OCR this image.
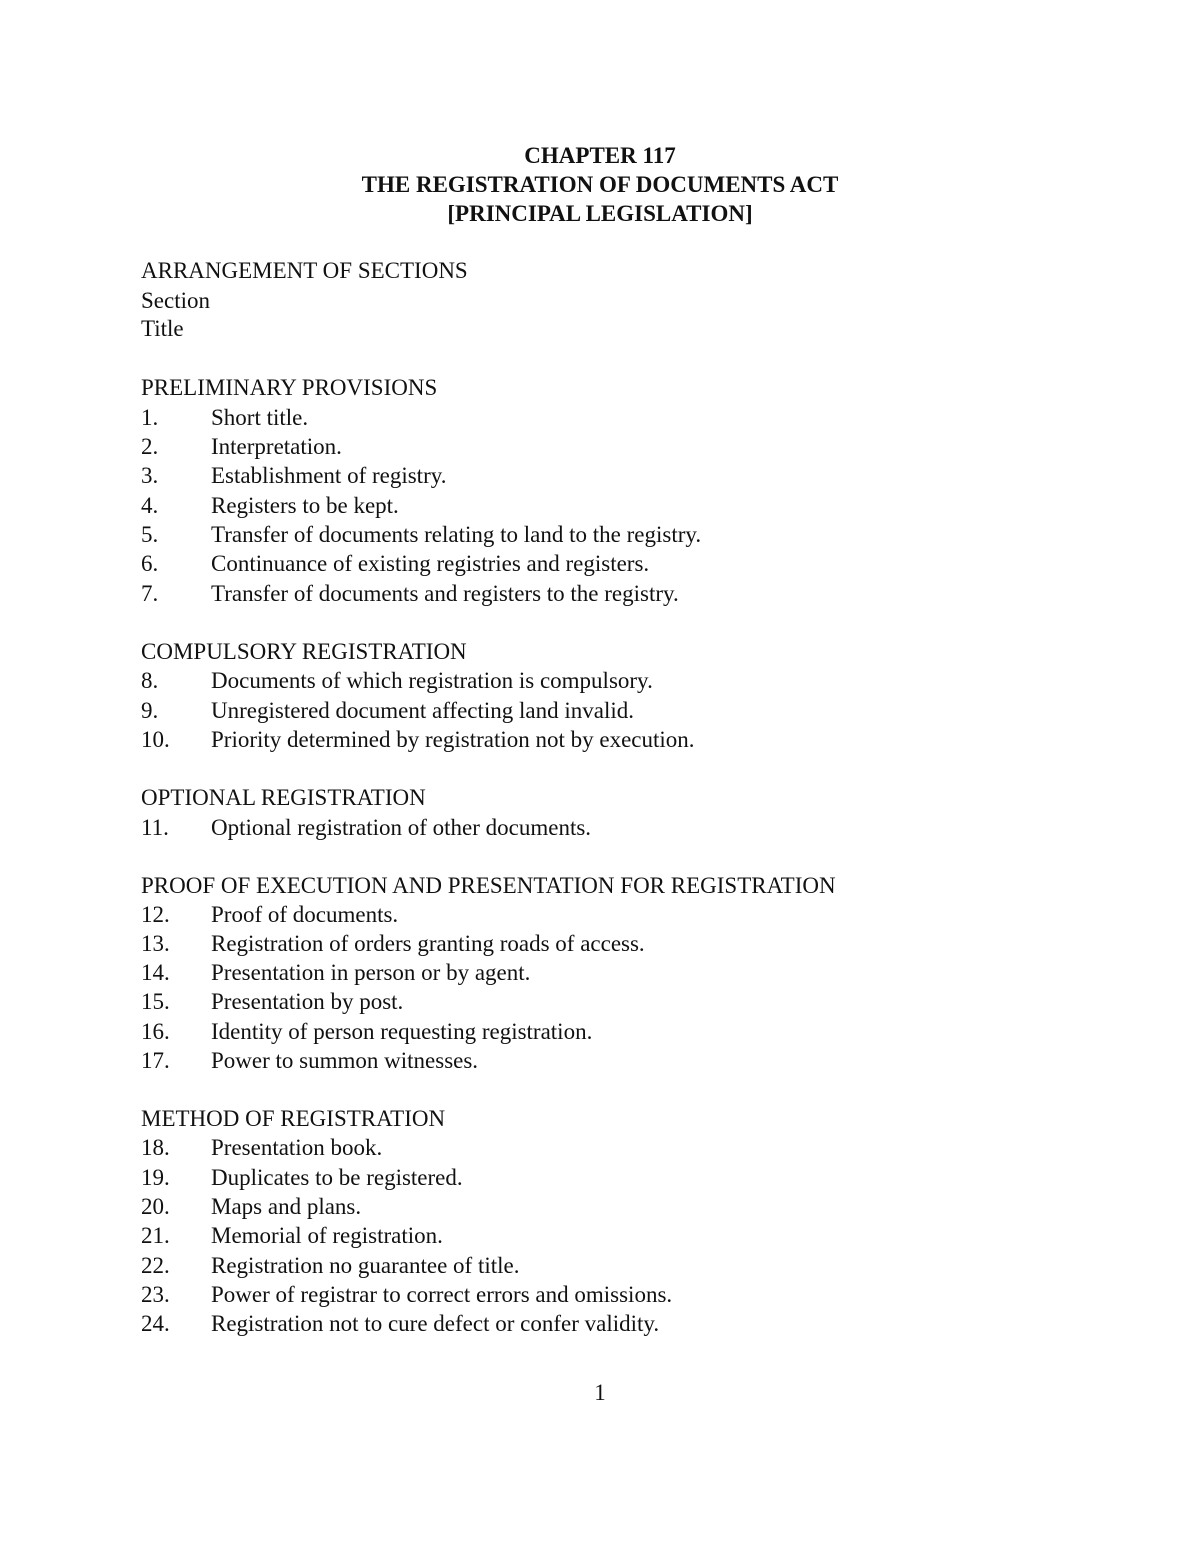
CHAPTER 117
THE REGISTRATION OF DOCUMENTS ACT
[PRINCIPAL LEGISLATION]
ARRANGEMENT OF SECTIONS
Section
Title
PRELIMINARY PROVISIONS
1. Short title.
2. Interpretation.
3. Establishment of registry.
4. Registers to be kept.
5. Transfer of documents relating to land to the registry.
6. Continuance of existing registries and registers.
7. Transfer of documents and registers to the registry.
COMPULSORY REGISTRATION
8. Documents of which registration is compulsory.
9. Unregistered document affecting land invalid.
10. Priority determined by registration not by execution.
OPTIONAL REGISTRATION
11. Optional registration of other documents.
PROOF OF EXECUTION AND PRESENTATION FOR REGISTRATION
12. Proof of documents.
13. Registration of orders granting roads of access.
14. Presentation in person or by agent.
15. Presentation by post.
16. Identity of person requesting registration.
17. Power to summon witnesses.
METHOD OF REGISTRATION
18. Presentation book.
19. Duplicates to be registered.
20. Maps and plans.
21. Memorial of registration.
22. Registration no guarantee of title.
23. Power of registrar to correct errors and omissions.
24. Registration not to cure defect or confer validity.
1
